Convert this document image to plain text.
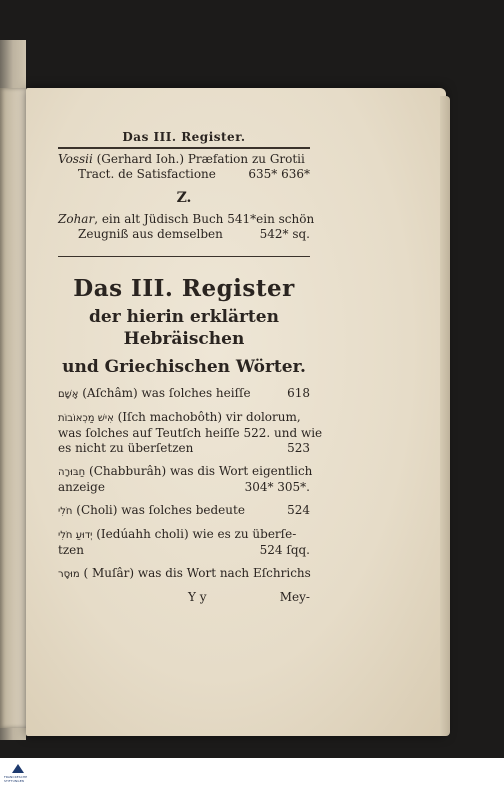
Das III. Register.
Vossii (Gerhard Ioh.) Præfation zu Grotii
Tract. de Satisfactione	635* 636*
Z.
Zohar, ein alt Jüdisch Buch 541* ein schön
Zeugniß aus demselben	542* sq.
Das III. Register
der hierin erklärten Hebräischen
und Griechischen Wörter.
אָשָׁם (Aſchâm) was ſolches heiſſe	618
אִישׁ מַכְאוֹבוֹת (Iſch machobôth) vir dolorum,
was ſolches auf Teutſch heiſſe 522. und wie
es nicht zu überſetzen	523
חַבּוּרָה (Chabburâh) was dis Wort eigentlich
anzeige	304* 305*.
חֹלִי (Choli) was ſolches bedeute	524
יְדוּעַ חֹלִי (Iedúahh choli) wie es zu überſe-
tzen	524 ſqq.
מוּסָר ( Muſâr) was dis Wort nach Eſchrichs
Y y	Mey-
FRANCKESCHE STIFTUNGEN
